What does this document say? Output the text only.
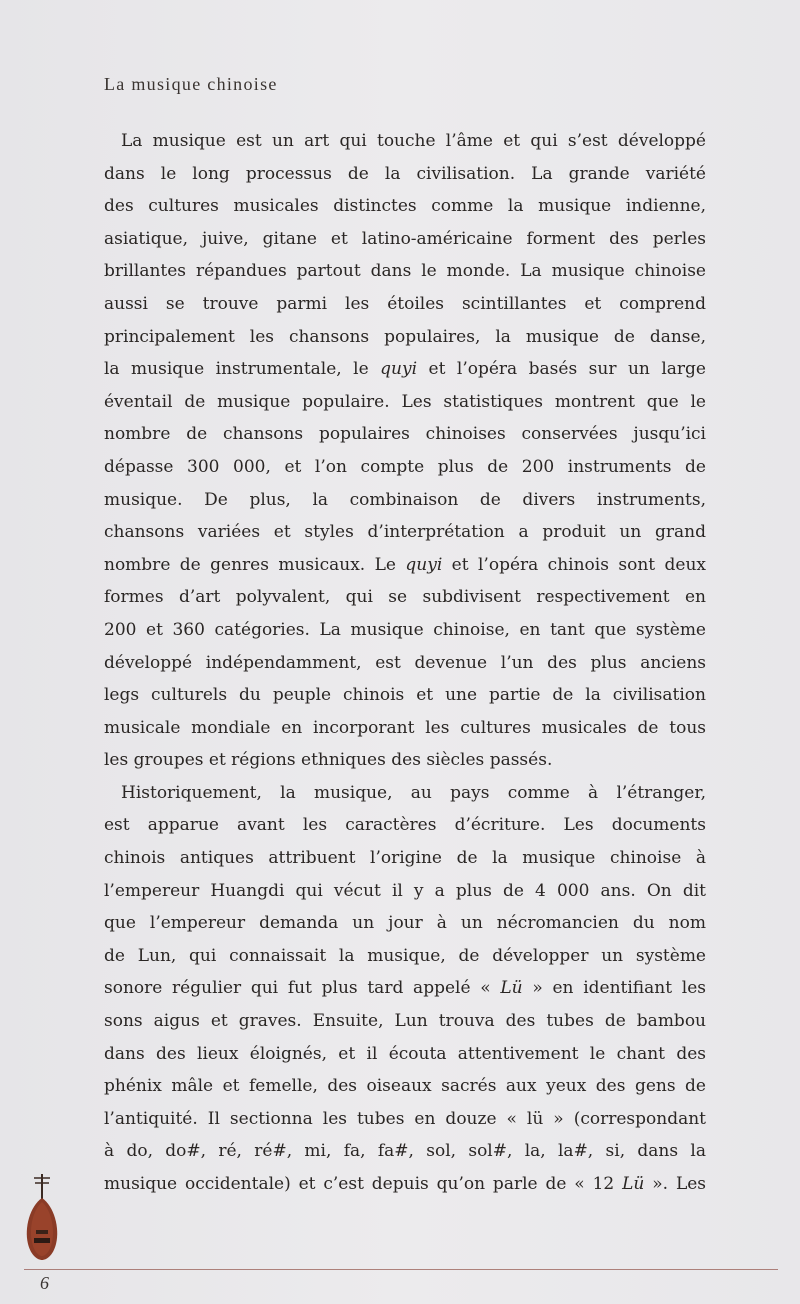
La musique chinoise

La musique est un art qui touche l’âme et qui s’est développé
dans le long processus de la civilisation. La grande variété
des cultures musicales distinctes comme la musique indienne,
asiatique, juive, gitane et latino-américaine forment des perles
brillantes répandues partout dans le monde. La musique chinoise
aussi se trouve parmi les étoiles scintillantes et comprend
principalement les chansons populaires, la musique de danse,
la musique instrumentale, le quyi et l’opéra basés sur un large
éventail de musique populaire. Les statistiques montrent que le
nombre de chansons populaires chinoises conservées jusqu’ici
dépasse 300 000, et l’on compte plus de 200 instruments de
musique. De plus, la combinaison de divers instruments,
chansons variées et styles d’interprétation a produit un grand
nombre de genres musicaux. Le quyi et l’opéra chinois sont deux
formes d’art polyvalent, qui se subdivisent respectivement en
200 et 360 catégories. La musique chinoise, en tant que système
développé indépendamment, est devenue l’un des plus anciens
legs culturels du peuple chinois et une partie de la civilisation
musicale mondiale en incorporant les cultures musicales de tous
les groupes et régions ethniques des siècles passés.

Historiquement, la musique, au pays comme à l’étranger,
est apparue avant les caractères d’écriture. Les documents
chinois antiques attribuent l’origine de la musique chinoise à
l’empereur Huangdi qui vécut il y a plus de 4 000 ans. On dit
que l’empereur demanda un jour à un nécromancien du nom
de Lun, qui connaissait la musique, de développer un système
sonore régulier qui fut plus tard appelé « Lü » en identifiant les
sons aigus et graves. Ensuite, Lun trouva des tubes de bambou
dans des lieux éloignés, et il écouta attentivement le chant des
phénix mâle et femelle, des oiseaux sacrés aux yeux des gens de
l’antiquité. Il sectionna les tubes en douze « lü » (correspondant
à do, do#, ré, ré#, mi, fa, fa#, sol, sol#, la, la#, si, dans la
musique occidentale) et c’est depuis qu’on parle de « 12 Lü ». Les

6
